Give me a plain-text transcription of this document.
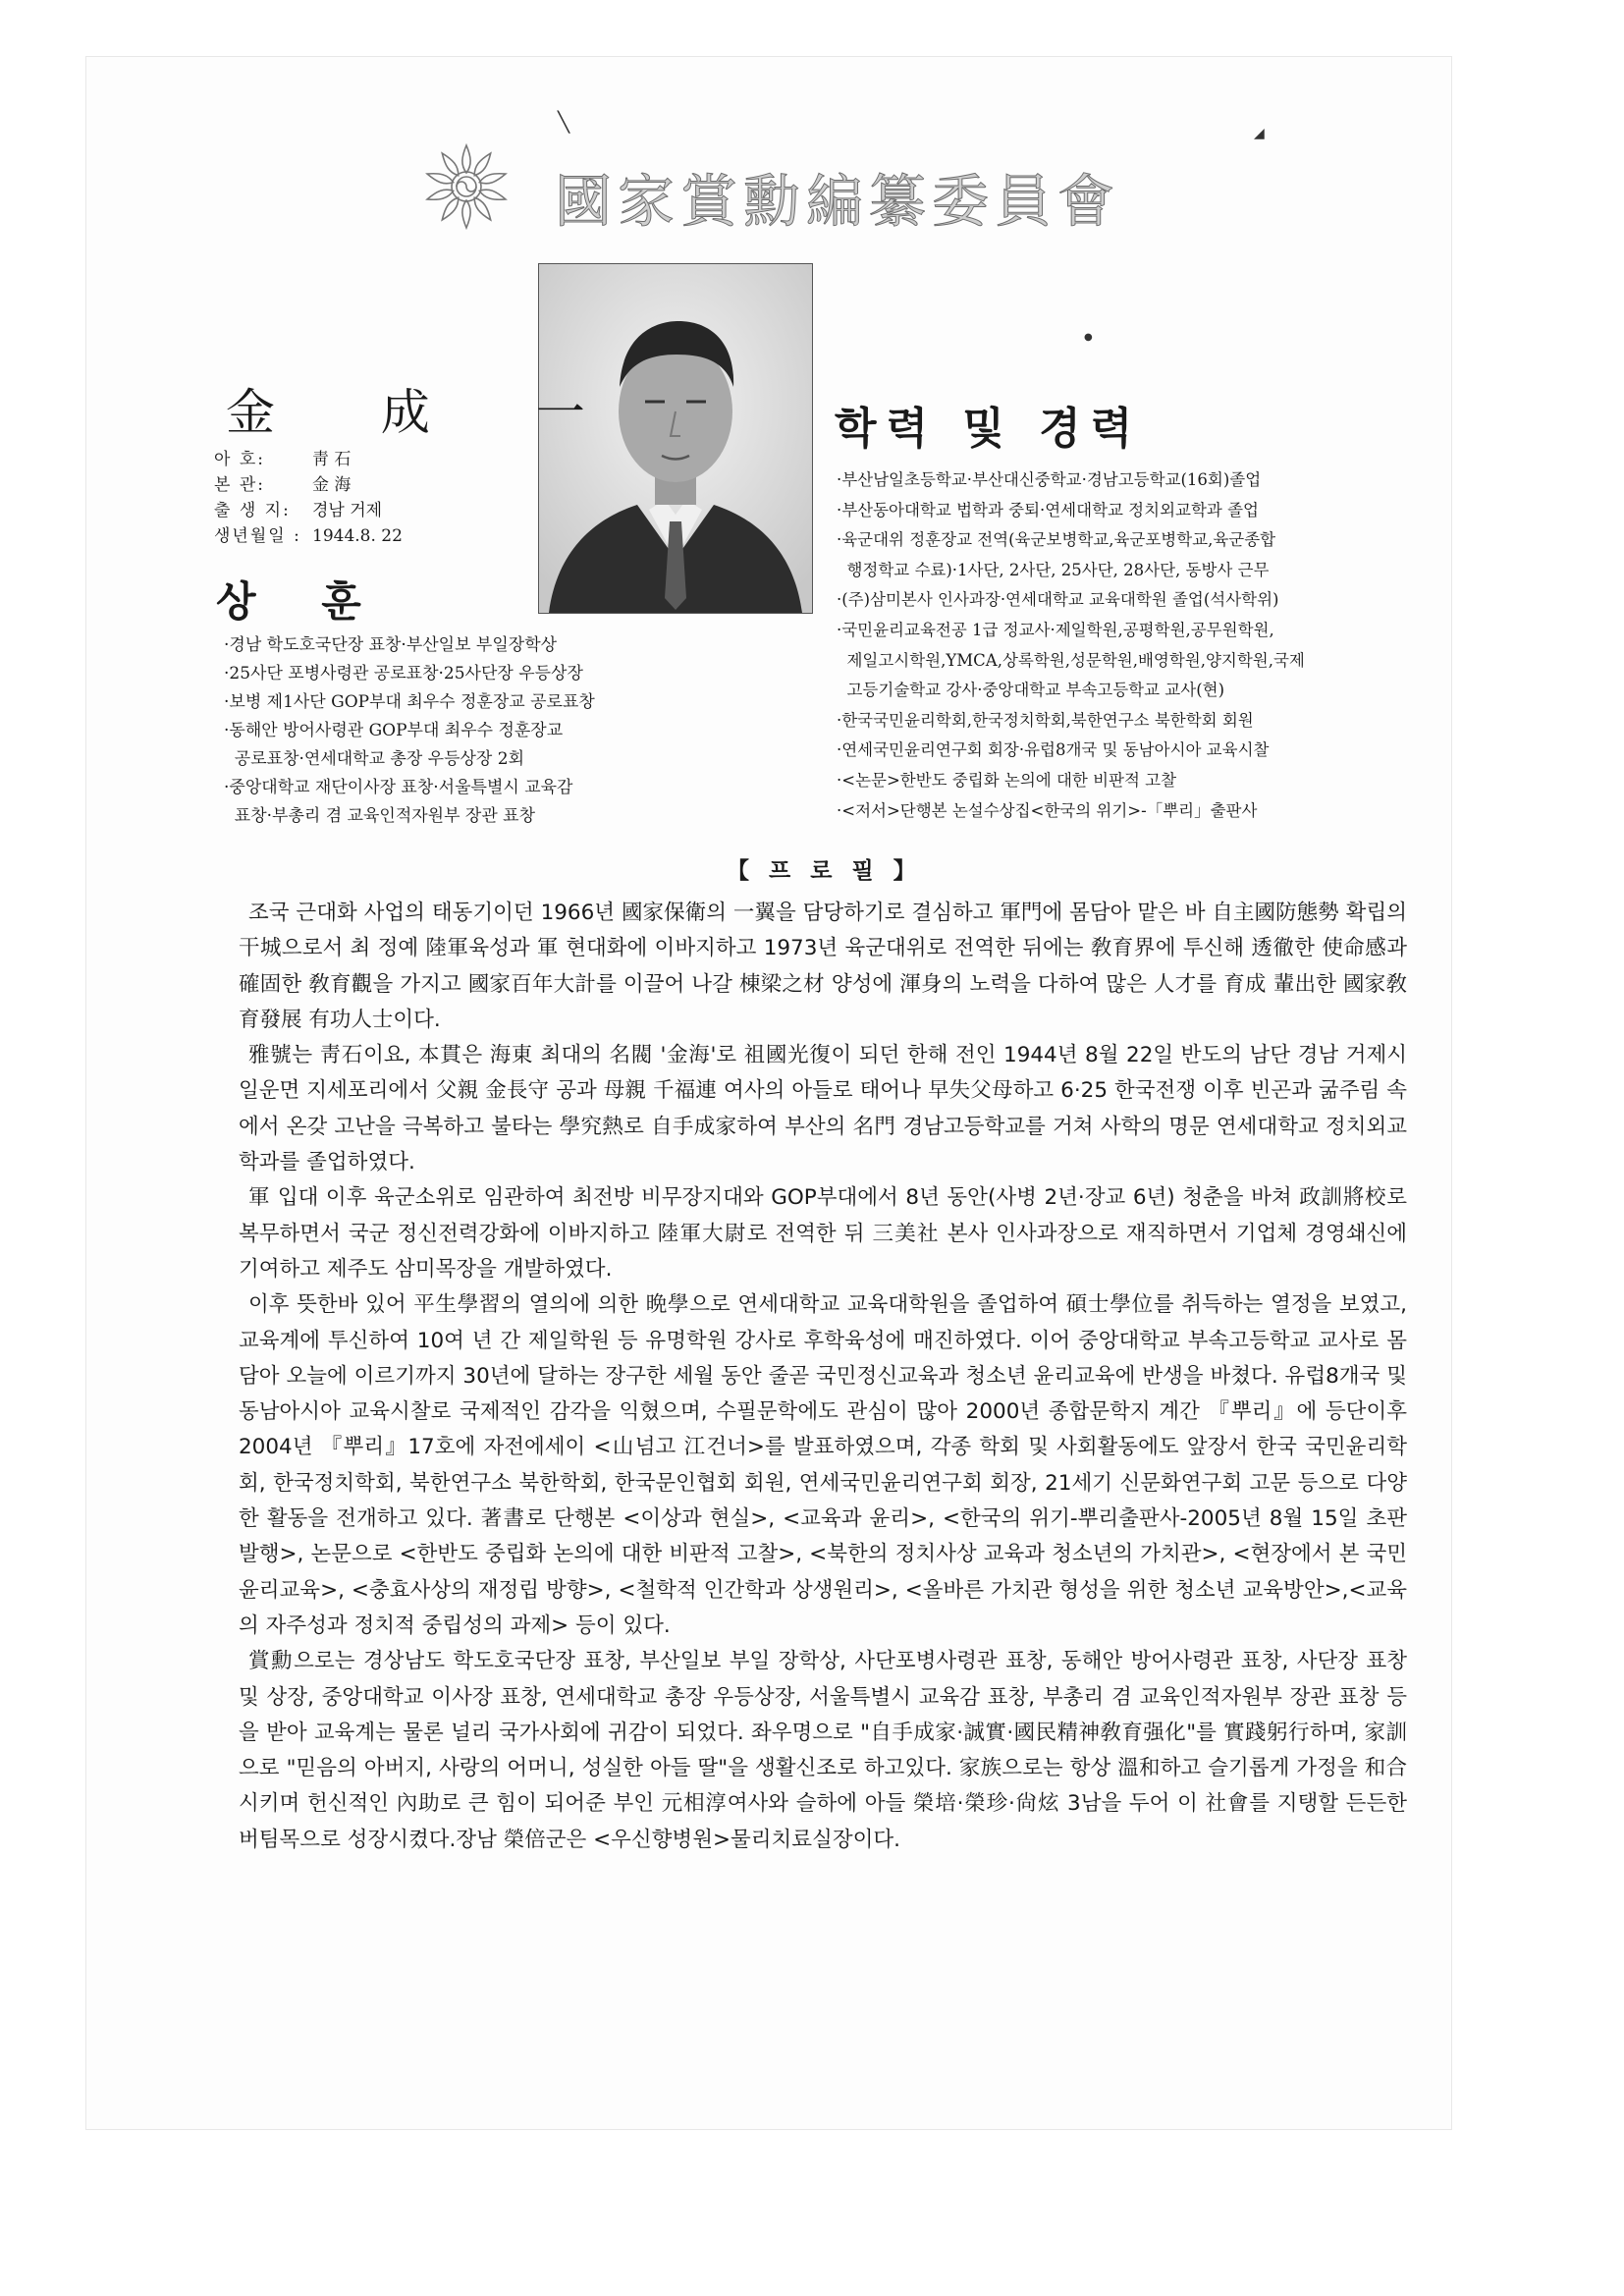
╲	◢
●
國家賞勳編纂委員會
金 成 一
아 호:	靑 石
본 관:	金 海
출 생 지:	경남 거제
생년월일 : 1944.8. 22
상 훈
·경남 학도호국단장 표창·부산일보 부일장학상
·25사단 포병사령관 공로표창·25사단장 우등상장
·보병 제1사단 GOP부대 최우수 정훈장교 공로표창
·동해안 방어사령관 GOP부대 최우수 정훈장교
공로표창·연세대학교 총장 우등상장 2회
·중앙대학교 재단이사장 표창·서울특별시 교육감
표창·부총리 겸 교육인적자원부 장관 표창
학력 및 경력
·부산남일초등학교·부산대신중학교·경남고등학교(16회)졸업
·부산동아대학교 법학과 중퇴·연세대학교 정치외교학과 졸업
·육군대위 정훈장교 전역(육군보병학교,육군포병학교,육군종합
행정학교 수료)·1사단, 2사단, 25사단, 28사단, 동방사 근무
·(주)삼미본사 인사과장·연세대학교 교육대학원 졸업(석사학위)
·국민윤리교육전공 1급 정교사·제일학원,공평학원,공무원학원,
제일고시학원,YMCA,상록학원,성문학원,배영학원,양지학원,국제
고등기술학교 강사·중앙대학교 부속고등학교 교사(현)
·한국국민윤리학회,한국정치학회,북한연구소 북한학회 회원
·연세국민윤리연구회 회장·유럽8개국 및 동남아시아 교육시찰
·<논문>한반도 중립화 논의에 대한 비판적 고찰
·<저서>단행본 논설수상집<한국의 위기>-「뿌리」출판사
【 프 로 필 】

조국 근대화 사업의 태동기이던 1966년 國家保衛의 一翼을 담당하기로 결심하고 軍門에 몸담아 맡은 바 自主國防態勢 확립의 干城으로서 최 정예 陸軍육성과 軍 현대화에 이바지하고 1973년 육군대위로 전역한 뒤에는 敎育界에 투신해 透徹한 使命感과 確固한 敎育觀을 가지고 國家百年大計를 이끌어 나갈 棟梁之材 양성에 渾身의 노력을 다하여 많은 人才를 育成 輩出한 國家敎育發展 有功人士이다.

雅號는 靑石이요, 本貫은 海東 최대의 名閥 '金海'로 祖國光復이 되던 한해 전인 1944년 8월 22일 반도의 남단 경남 거제시 일운면 지세포리에서 父親 金長守 공과 母親 千福連 여사의 아들로 태어나 早失父母하고 6·25 한국전쟁 이후 빈곤과 굶주림 속에서 온갖 고난을 극복하고 불타는 學究熱로 自手成家하여 부산의 名門 경남고등학교를 거쳐 사학의 명문 연세대학교 정치외교학과를 졸업하였다.

軍 입대 이후 육군소위로 임관하여 최전방 비무장지대와 GOP부대에서 8년 동안(사병 2년·장교 6년) 청춘을 바쳐 政訓將校로 복무하면서 국군 정신전력강화에 이바지하고 陸軍大尉로 전역한 뒤 三美社 본사 인사과장으로 재직하면서 기업체 경영쇄신에 기여하고 제주도 삼미목장을 개발하였다.

이후 뜻한바 있어 平生學習의 열의에 의한 晩學으로 연세대학교 교육대학원을 졸업하여 碩士學位를 취득하는 열정을 보였고, 교육계에 투신하여 10여 년 간 제일학원 등 유명학원 강사로 후학육성에 매진하였다. 이어 중앙대학교 부속고등학교 교사로 몸담아 오늘에 이르기까지 30년에 달하는 장구한 세월 동안 줄곧 국민정신교육과 청소년 윤리교육에 반생을 바쳤다. 유럽8개국 및 동남아시아 교육시찰로 국제적인 감각을 익혔으며, 수필문학에도 관심이 많아 2000년 종합문학지 계간 『뿌리』에 등단이후 2004년 『뿌리』17호에 자전에세이 <山넘고 江건너>를 발표하였으며, 각종 학회 및 사회활동에도 앞장서 한국 국민윤리학회, 한국정치학회, 북한연구소 북한학회, 한국문인협회 회원, 연세국민윤리연구회 회장, 21세기 신문화연구회 고문 등으로 다양한 활동을 전개하고 있다. 著書로 단행본 <이상과 현실>, <교육과 윤리>, <한국의 위기-뿌리출판사-2005년 8월 15일 초판발행>, 논문으로 <한반도 중립화 논의에 대한 비판적 고찰>, <북한의 정치사상 교육과 청소년의 가치관>, <현장에서 본 국민윤리교육>, <충효사상의 재정립 방향>, <철학적 인간학과 상생원리>, <올바른 가치관 형성을 위한 청소년 교육방안>,<교육의 자주성과 정치적 중립성의 과제> 등이 있다.

賞勳으로는 경상남도 학도호국단장 표창, 부산일보 부일 장학상, 사단포병사령관 표창, 동해안 방어사령관 표창, 사단장 표창 및 상장, 중앙대학교 이사장 표창, 연세대학교 총장 우등상장, 서울특별시 교육감 표창, 부총리 겸 교육인적자원부 장관 표창 등을 받아 교육계는 물론 널리 국가사회에 귀감이 되었다. 좌우명으로 "自手成家·誠實·國民精神敎育强化"를 實踐躬行하며, 家訓으로 "믿음의 아버지, 사랑의 어머니, 성실한 아들 딸"을 생활신조로 하고있다. 家族으로는 항상 溫和하고 슬기롭게 가정을 和合시키며 헌신적인 內助로 큰 힘이 되어준 부인 元相淳여사와 슬하에 아들 榮培·榮珍·尙炫 3남을 두어 이 社會를 지탱할 든든한 버팀목으로 성장시켰다.장남 榮倍군은 <우신향병원>물리치료실장이다.
